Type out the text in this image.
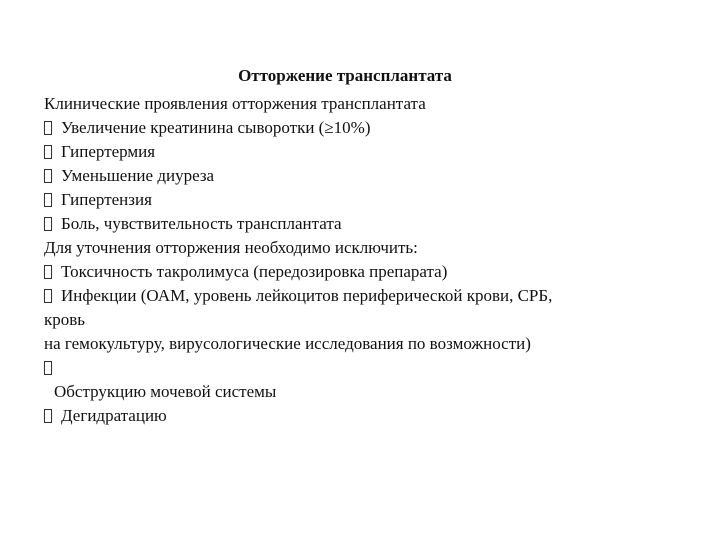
Отторжение трансплантата
Клинические проявления отторжения трансплантата
Увеличение креатинина сыворотки (≥10%)
Гипертермия
Уменьшение диуреза
Гипертензия
Боль, чувствительность трансплантата
Для уточнения отторжения необходимо исключить:
Токсичность такролимуса (передозировка препарата)
Инфекции (ОАМ, уровень лейкоцитов периферической крови, СРБ,
кровь
на гемокультуру, вирусологические исследования по возможности)
Обструкцию мочевой системы
Дегидратацию
